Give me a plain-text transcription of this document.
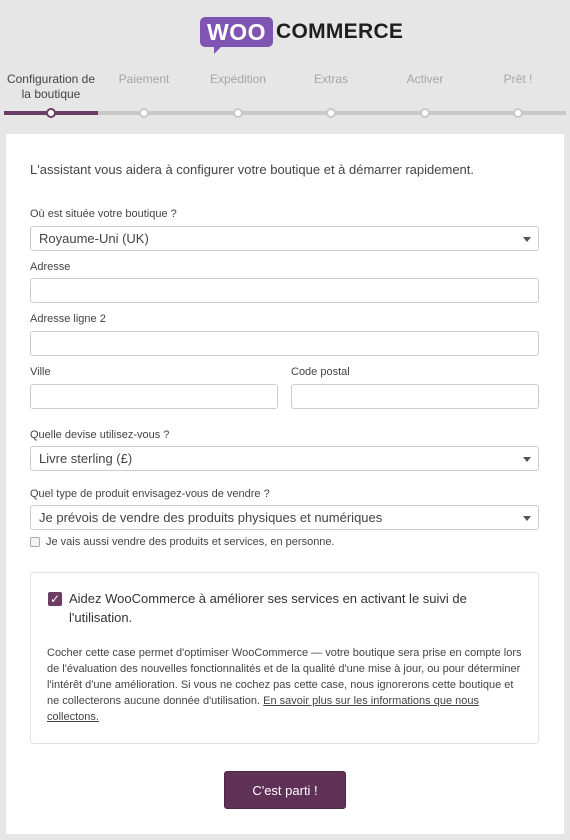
WOO COMMERCE
Configuration de la boutique
Paiement	Expédition	Extras	Activer	Prêt !
L'assistant vous aidera à configurer votre boutique et à démarrer rapidement.
Où est située votre boutique ?
Royaume-Uni (UK)
Adresse
Adresse ligne 2
Ville	Code postal
Quelle devise utilisez-vous ?
Livre sterling (£)
Quel type de produit envisagez-vous de vendre ?
Je prévois de vendre des produits physiques et numériques
Je vais aussi vendre des produits et services, en personne.
✓ Aidez WooCommerce à améliorer ses services en activant le suivi de l'utilisation.
Cocher cette case permet d'optimiser WooCommerce — votre boutique sera prise en compte lors de l'évaluation des nouvelles fonctionnalités et de la qualité d'une mise à jour, ou pour déterminer l'intérêt d'une amélioration. Si vous ne cochez pas cette case, nous ignorerons cette boutique et ne collecterons aucune donnée d'utilisation. En savoir plus sur les informations que nous collectons.
C'est parti !
